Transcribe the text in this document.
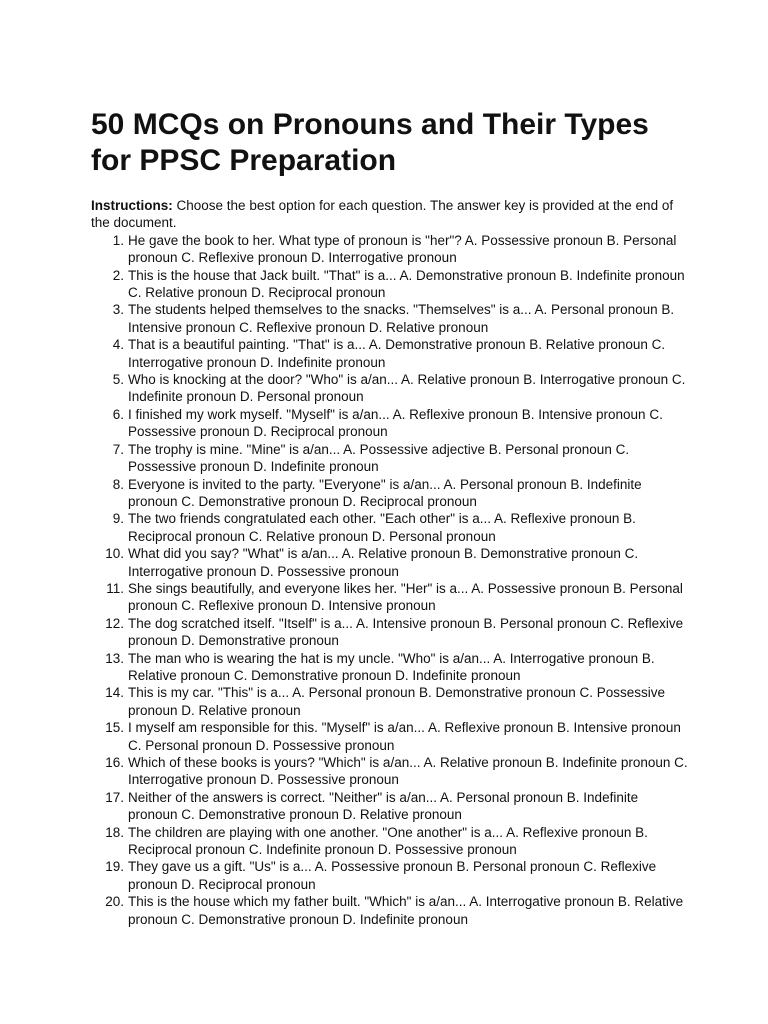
50 MCQs on Pronouns and Their Types
for PPSC Preparation
Instructions: Choose the best option for each question. The answer key is provided at the end of the document.
1. He gave the book to her. What type of pronoun is "her"? A. Possessive pronoun B. Personal pronoun C. Reflexive pronoun D. Interrogative pronoun
2. This is the house that Jack built. "That" is a... A. Demonstrative pronoun B. Indefinite pronoun C. Relative pronoun D. Reciprocal pronoun
3. The students helped themselves to the snacks. "Themselves" is a... A. Personal pronoun B. Intensive pronoun C. Reflexive pronoun D. Relative pronoun
4. That is a beautiful painting. "That" is a... A. Demonstrative pronoun B. Relative pronoun C. Interrogative pronoun D. Indefinite pronoun
5. Who is knocking at the door? "Who" is a/an... A. Relative pronoun B. Interrogative pronoun C. Indefinite pronoun D. Personal pronoun
6. I finished my work myself. "Myself" is a/an... A. Reflexive pronoun B. Intensive pronoun C. Possessive pronoun D. Reciprocal pronoun
7. The trophy is mine. "Mine" is a/an... A. Possessive adjective B. Personal pronoun C. Possessive pronoun D. Indefinite pronoun
8. Everyone is invited to the party. "Everyone" is a/an... A. Personal pronoun B. Indefinite pronoun C. Demonstrative pronoun D. Reciprocal pronoun
9. The two friends congratulated each other. "Each other" is a... A. Reflexive pronoun B. Reciprocal pronoun C. Relative pronoun D. Personal pronoun
10. What did you say? "What" is a/an... A. Relative pronoun B. Demonstrative pronoun C. Interrogative pronoun D. Possessive pronoun
11. She sings beautifully, and everyone likes her. "Her" is a... A. Possessive pronoun B. Personal pronoun C. Reflexive pronoun D. Intensive pronoun
12. The dog scratched itself. "Itself" is a... A. Intensive pronoun B. Personal pronoun C. Reflexive pronoun D. Demonstrative pronoun
13. The man who is wearing the hat is my uncle. "Who" is a/an... A. Interrogative pronoun B. Relative pronoun C. Demonstrative pronoun D. Indefinite pronoun
14. This is my car. "This" is a... A. Personal pronoun B. Demonstrative pronoun C. Possessive pronoun D. Relative pronoun
15. I myself am responsible for this. "Myself" is a/an... A. Reflexive pronoun B. Intensive pronoun C. Personal pronoun D. Possessive pronoun
16. Which of these books is yours? "Which" is a/an... A. Relative pronoun B. Indefinite pronoun C. Interrogative pronoun D. Possessive pronoun
17. Neither of the answers is correct. "Neither" is a/an... A. Personal pronoun B. Indefinite pronoun C. Demonstrative pronoun D. Relative pronoun
18. The children are playing with one another. "One another" is a... A. Reflexive pronoun B. Reciprocal pronoun C. Indefinite pronoun D. Possessive pronoun
19. They gave us a gift. "Us" is a... A. Possessive pronoun B. Personal pronoun C. Reflexive pronoun D. Reciprocal pronoun
20. This is the house which my father built. "Which" is a/an... A. Interrogative pronoun B. Relative pronoun C. Demonstrative pronoun D. Indefinite pronoun
